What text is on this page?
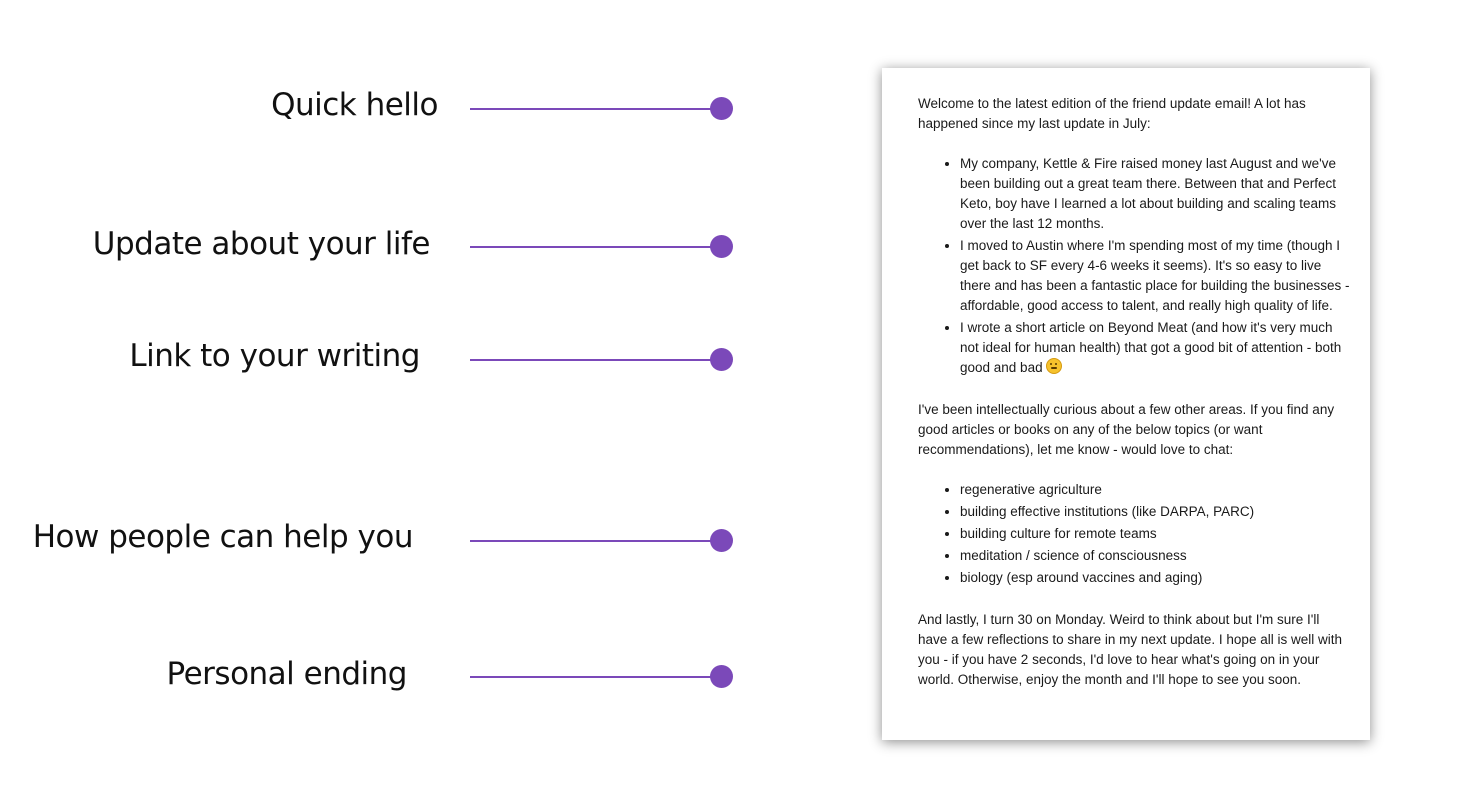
Quick hello
Update about your life
Link to your writing
How people can help you
Personal ending

Welcome to the latest edition of the friend update email! A lot has happened since my last update in July:

• My company, Kettle & Fire raised money last August and we've been building out a great team there. Between that and Perfect Keto, boy have I learned a lot about building and scaling teams over the last 12 months.
• I moved to Austin where I'm spending most of my time (though I get back to SF every 4-6 weeks it seems). It's so easy to live there and has been a fantastic place for building the businesses - affordable, good access to talent, and really high quality of life.
• I wrote a short article on Beyond Meat (and how it's very much not ideal for human health) that got a good bit of attention - both good and bad

I've been intellectually curious about a few other areas. If you find any good articles or books on any of the below topics (or want recommendations), let me know - would love to chat:

• regenerative agriculture
• building effective institutions (like DARPA, PARC)
• building culture for remote teams
• meditation / science of consciousness
• biology (esp around vaccines and aging)

And lastly, I turn 30 on Monday. Weird to think about but I'm sure I'll have a few reflections to share in my next update. I hope all is well with you - if you have 2 seconds, I'd love to hear what's going on in your world. Otherwise, enjoy the month and I'll hope to see you soon.
